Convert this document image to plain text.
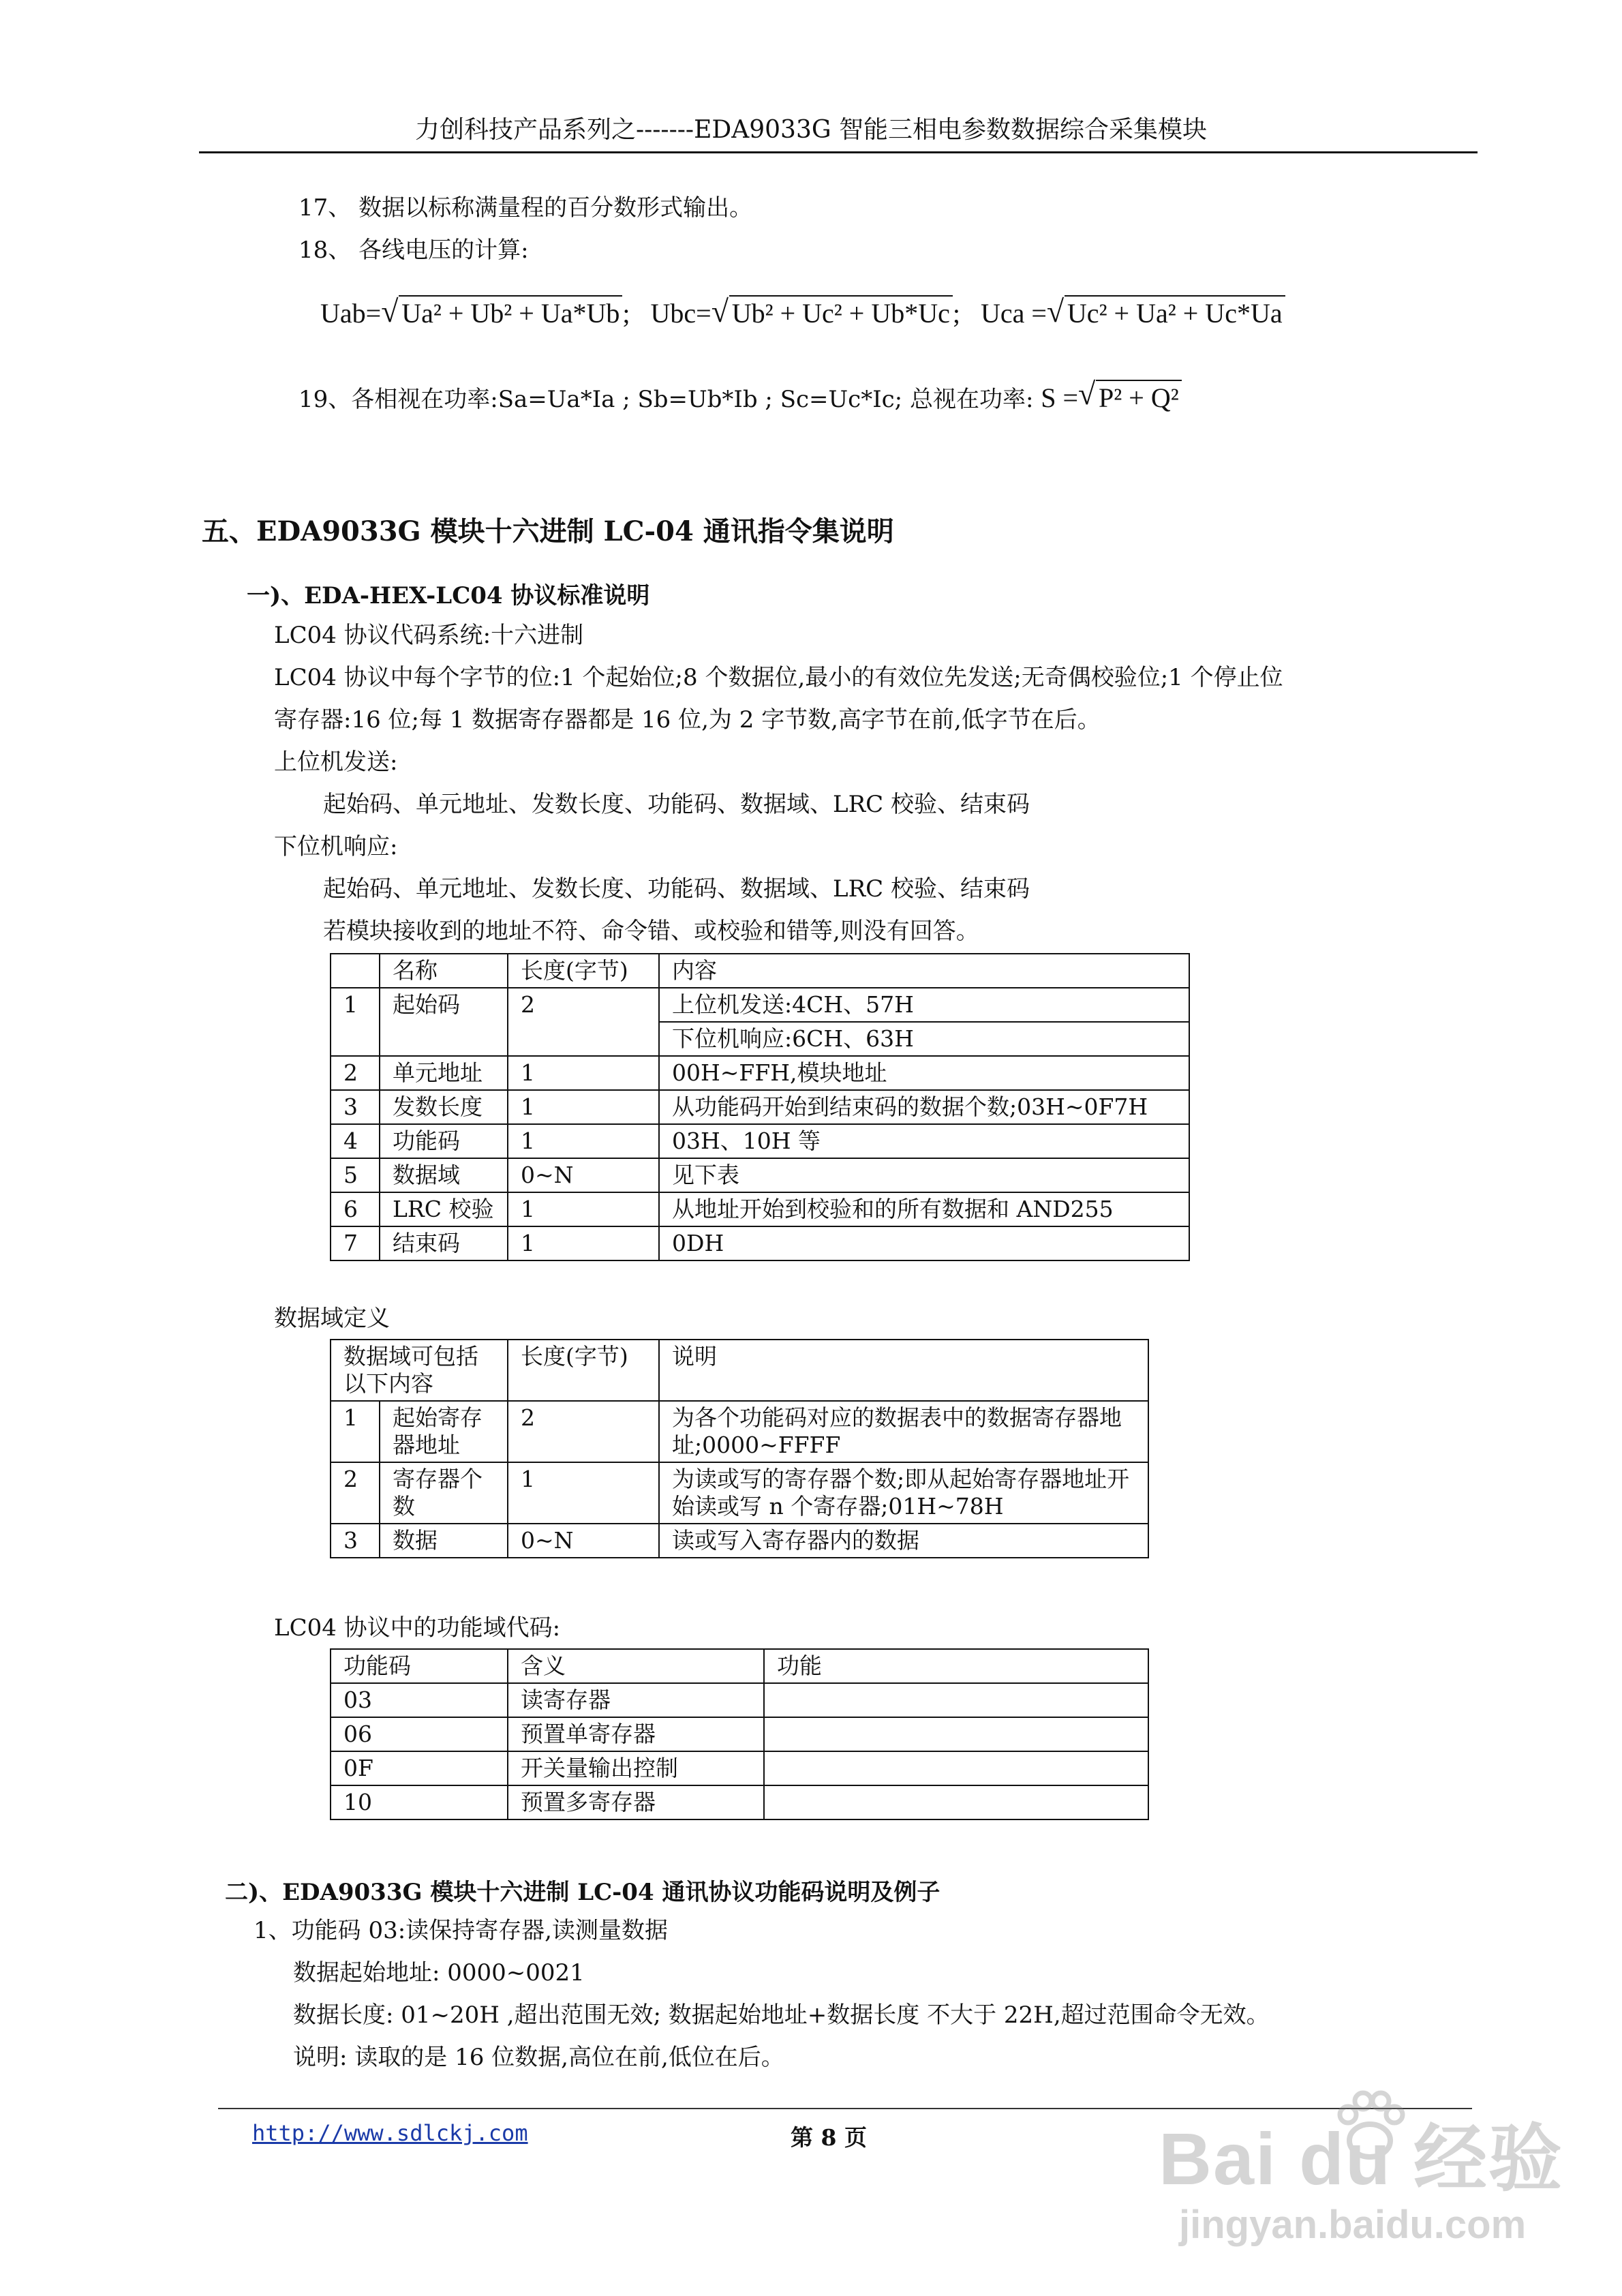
力创科技产品系列之-------EDA9033G 智能三相电参数数据综合采集模块
17、 数据以标称满量程的百分数形式输出。
18、 各线电压的计算:
Uab= √ Ua² + Ub² + Ua*Ub ; Ubc= √ Ub² + Uc² + Ub*Uc ; Uca = √ Uc² + Ua² + Uc*Ua
19、各相视在功率:Sa=Ua*Ia ; Sb=Ub*Ib ; Sc=Uc*Ic; 总视在功率: S = √ P² + Q²
五、EDA9033G 模块十六进制 LC-04 通讯指令集说明
一)、EDA-HEX-LC04 协议标准说明
LC04 协议代码系统:十六进制
LC04 协议中每个字节的位:1 个起始位;8 个数据位,最小的有效位先发送;无奇偶校验位;1 个停止位
寄存器:16 位;每 1 数据寄存器都是 16 位,为 2 字节数,高字节在前,低字节在后。
上位机发送:
起始码、单元地址、发数长度、功能码、数据域、LRC 校验、结束码
下位机响应:
起始码、单元地址、发数长度、功能码、数据域、LRC 校验、结束码
若模块接收到的地址不符、命令错、或校验和错等,则没有回答。
	名称	长度(字节)	内容
1	起始码	2	上位机发送:4CH、57H
			下位机响应:6CH、63H
2	单元地址	1	00H~FFH,模块地址
3	发数长度	1	从功能码开始到结束码的数据个数;03H~0F7H
4	功能码	1	03H、10H 等
5	数据域	0~N	见下表
6	LRC 校验	1	从地址开始到校验和的所有数据和 AND255
7	结束码	1	0DH
数据域定义
数据域可包括以下内容		长度(字节)	说明
1	起始寄存器地址	2	为各个功能码对应的数据表中的数据寄存器地址;0000~FFFF
2	寄存器个数	1	为读或写的寄存器个数;即从起始寄存器地址开始读或写 n 个寄存器;01H~78H
3	数据	0~N	读或写入寄存器内的数据
LC04 协议中的功能域代码:
功能码	含义	功能
03	读寄存器	
06	预置单寄存器	
0F	开关量输出控制	
10	预置多寄存器	
二)、EDA9033G 模块十六进制 LC-04 通讯协议功能码说明及例子
1、功能码 03:读保持寄存器,读测量数据
数据起始地址: 0000~0021
数据长度: 01~20H ,超出范围无效; 数据起始地址+数据长度 不大于 22H,超过范围命令无效。
说明: 读取的是 16 位数据,高位在前,低位在后。
http://www.sdlckj.com	第 8 页	Bai du 经验
jingyan.baidu.com
